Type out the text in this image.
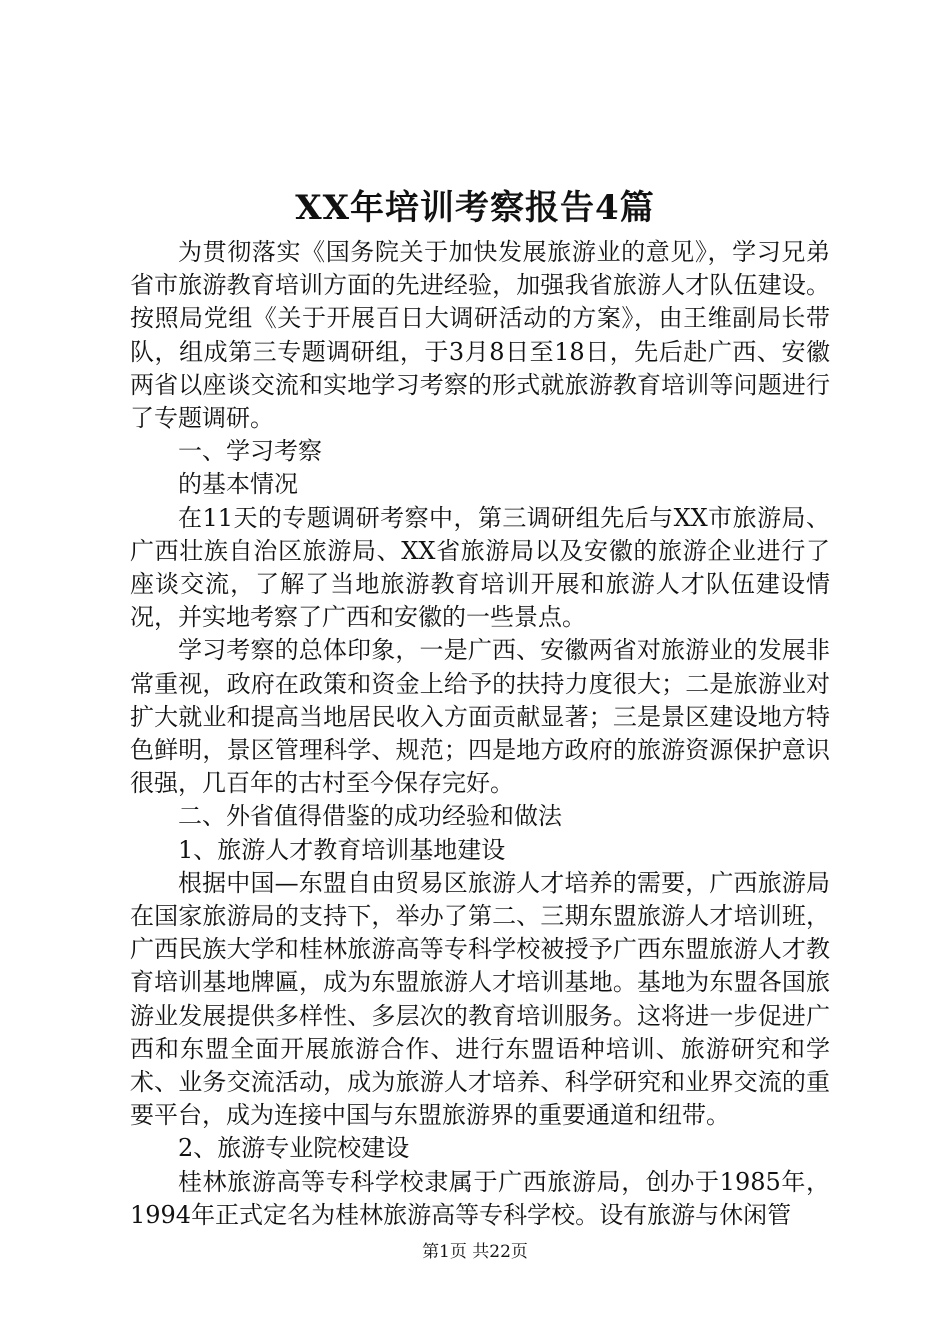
XX年培训考察报告4篇

为贯彻落实《国务院关于加快发展旅游业的意见》，学习兄弟省市旅游教育培训方面的先进经验，加强我省旅游人才队伍建设。按照局党组《关于开展百日大调研活动的方案》，由王维副局长带队，组成第三专题调研组，于3月8日至18日，先后赴广西、安徽两省以座谈交流和实地学习考察的形式就旅游教育培训等问题进行了专题调研。

一、学习考察

的基本情况

在11天的专题调研考察中，第三调研组先后与XX市旅游局、广西壮族自治区旅游局、XX省旅游局以及安徽的旅游企业进行了座谈交流，了解了当地旅游教育培训开展和旅游人才队伍建设情况，并实地考察了广西和安徽的一些景点。

学习考察的总体印象，一是广西、安徽两省对旅游业的发展非常重视，政府在政策和资金上给予的扶持力度很大；二是旅游业对扩大就业和提高当地居民收入方面贡献显著；三是景区建设地方特色鲜明，景区管理科学、规范；四是地方政府的旅游资源保护意识很强，几百年的古村至今保存完好。

二、外省值得借鉴的成功经验和做法

1、旅游人才教育培训基地建设

根据中国—东盟自由贸易区旅游人才培养的需要，广西旅游局在国家旅游局的支持下，举办了第二、三期东盟旅游人才培训班，广西民族大学和桂林旅游高等专科学校被授予广西东盟旅游人才教育培训基地牌匾，成为东盟旅游人才培训基地。基地为东盟各国旅游业发展提供多样性、多层次的教育培训服务。这将进一步促进广西和东盟全面开展旅游合作、进行东盟语种培训、旅游研究和学术、业务交流活动，成为旅游人才培养、科学研究和业界交流的重要平台，成为连接中国与东盟旅游界的重要通道和纽带。

2、旅游专业院校建设

桂林旅游高等专科学校隶属于广西旅游局，创办于1985年，1994年正式定名为桂林旅游高等专科学校。设有旅游与休闲管

第1页 共22页
